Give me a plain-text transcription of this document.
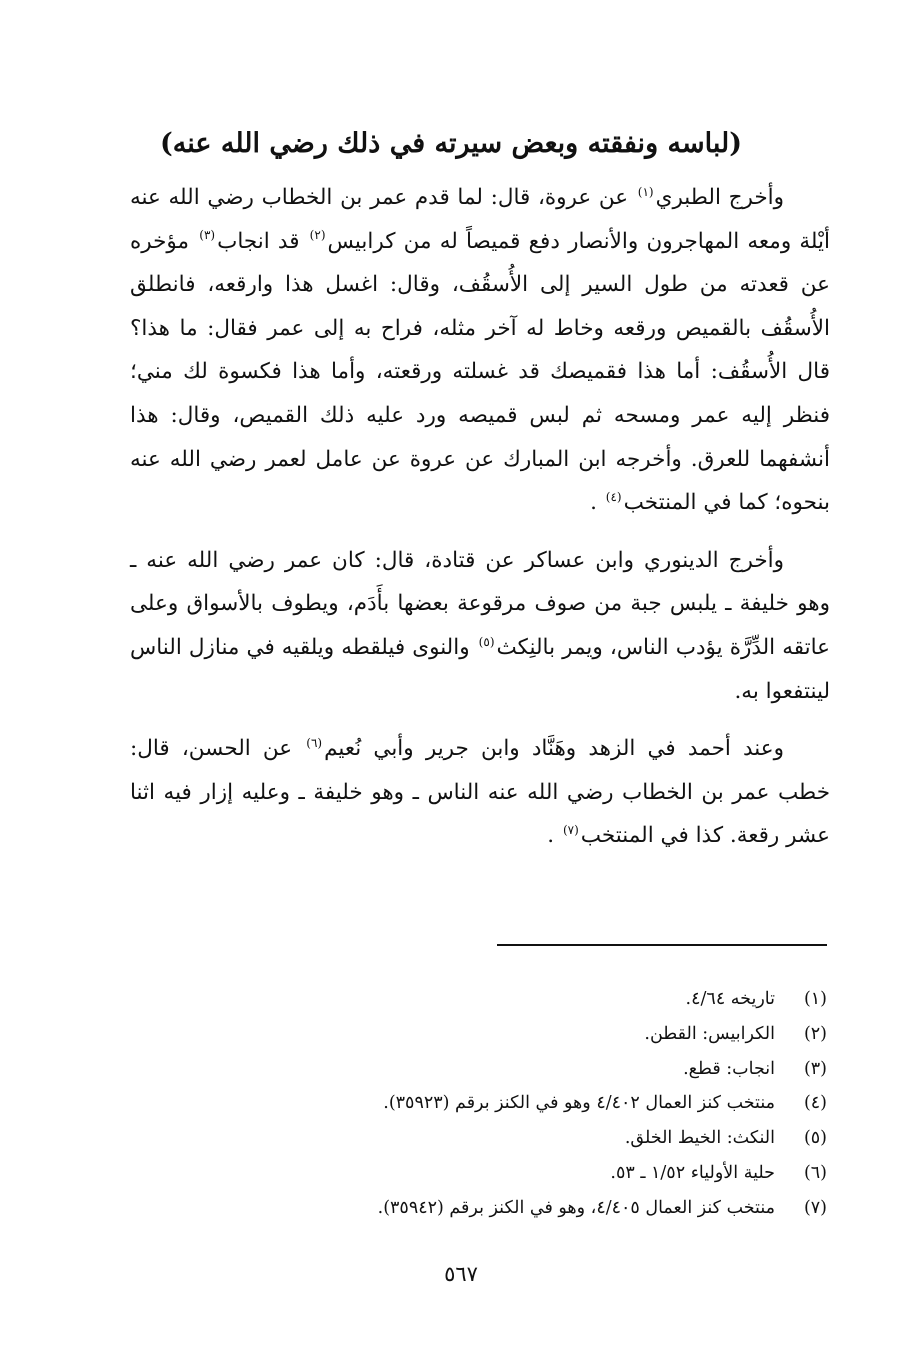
(لباسه ونفقته وبعض سيرته في ذلك رضي الله عنه)

وأخرج الطبري$^{(١)}$ عن عروة، قال: لما قدم عمر بن الخطاب رضي الله عنه أيْلة ومعه المهاجرون والأنصار دفع قميصاً له من كرابيس$^{(٢)}$ قد انجاب$^{(٣)}$ مؤخره عن قعدته من طول السير إلى الأُسقُف، وقال: اغسل هذا وارقعه، فانطلق الأُسقُف بالقميص ورقعه وخاط له آخر مثله، فراح به إلى عمر فقال: ما هذا؟ قال الأُسقُف: أما هذا فقميصك قد غسلته ورقعته، وأما هذا فكسوة لك مني؛ فنظر إليه عمر ومسحه ثم لبس قميصه ورد عليه ذلك القميص، وقال: هذا أنشفهما للعرق. وأخرجه ابن المبارك عن عروة عن عامل لعمر رضي الله عنه بنحوه؛ كما في المنتخب$^{(٤)}$ .

وأخرج الدينوري وابن عساكر عن قتادة، قال: كان عمر رضي الله عنه ـ وهو خليفة ـ يلبس جبة من صوف مرقوعة بعضها بأَدَم، ويطوف بالأسواق وعلى عاتقه الدِّرَّة يؤدب الناس، ويمر بالنِكث$^{(٥)}$ والنوى فيلقطه ويلقيه في منازل الناس لينتفعوا به.

وعند أحمد في الزهد وهَنَّاد وابن جرير وأبي نُعيم$^{(٦)}$ عن الحسن، قال: خطب عمر بن الخطاب رضي الله عنه الناس ـ وهو خليفة ـ وعليه إزار فيه اثنا عشر رقعة. كذا في المنتخب$^{(٧)}$ .

(١)تاريخه ٤/٦٤.
(٢)الكرابيس: القطن.
(٣)انجاب: قطع.
(٤)منتخب كنز العمال ٤/٤٠٢ وهو في الكنز برقم (٣٥٩٢٣).
(٥)النكث: الخيط الخلق.
(٦)حلية الأولياء ١/٥٢ ـ ٥٣.
(٧)منتخب كنز العمال ٤/٤٠٥، وهو في الكنز برقم (٣٥٩٤٢).
٥٦٧
